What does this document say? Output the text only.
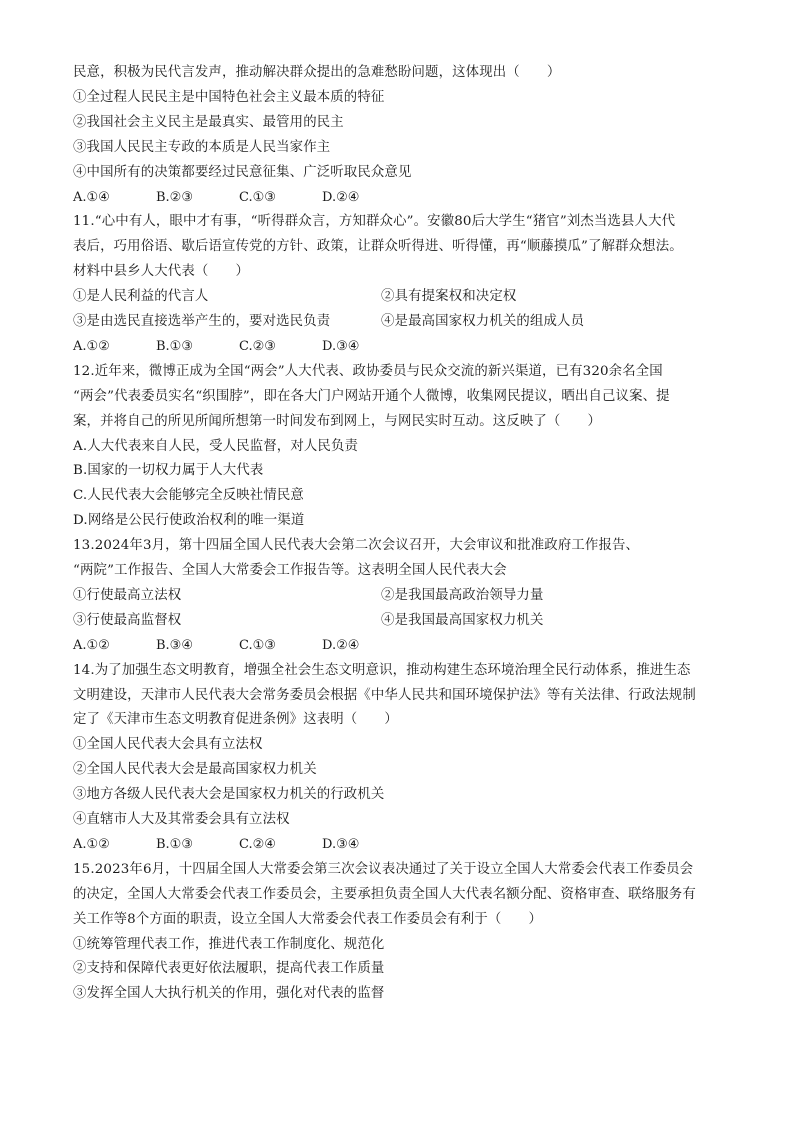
民意，积极为民代言发声，推动解决群众提出的急难愁盼问题，这体现出（　　）
①全过程人民民主是中国特色社会主义最本质的特征
②我国社会主义民主是最真实、最管用的民主
③我国人民民主专政的本质是人民当家作主
④中国所有的决策都要经过民意征集、广泛听取民众意见
A.①④	B.②③	C.①③	D.②④
11.“心中有人，眼中才有事，“听得群众言，方知群众心”。安徽80后大学生“猪官”刘杰当选县人大代
表后，巧用俗语、歇后语宣传党的方针、政策，让群众听得进、听得懂，再“顺藤摸瓜”了解群众想法。
材料中县乡人大代表（　　）
①是人民利益的代言人	②具有提案权和决定权
③是由选民直接选举产生的，要对选民负责	④是最高国家权力机关的组成人员
A.①②	B.①③	C.②③	D.③④
12.近年来，微博正成为全国“两会”人大代表、政协委员与民众交流的新兴渠道，已有320余名全国
“两会”代表委员实名“织围脖”，即在各大门户网站开通个人微博，收集网民提议，晒出自己议案、提
案，并将自己的所见所闻所想第一时间发布到网上，与网民实时互动。这反映了（　　）
A.人大代表来自人民，受人民监督，对人民负责
B.国家的一切权力属于人大代表
C.人民代表大会能够完全反映社情民意
D.网络是公民行使政治权利的唯一渠道
13.2024年3月，第十四届全国人民代表大会第二次会议召开，大会审议和批准政府工作报告、
“两院”工作报告、全国人大常委会工作报告等。这表明全国人民代表大会
①行使最高立法权	②是我国最高政治领导力量
③行使最高监督权	④是我国最高国家权力机关
A.①②	B.③④	C.①③	D.②④
14.为了加强生态文明教育，增强全社会生态文明意识，推动构建生态环境治理全民行动体系，推进生态
文明建设，天津市人民代表大会常务委员会根据《中华人民共和国环境保护法》等有关法律、行政法规制
定了《天津市生态文明教育促进条例》这表明（　　）
①全国人民代表大会具有立法权
②全国人民代表大会是最高国家权力机关
③地方各级人民代表大会是国家权力机关的行政机关
④直辖市人大及其常委会具有立法权
A.①②	B.①③	C.②④	D.③④
15.2023年6月，十四届全国人大常委会第三次会议表决通过了关于设立全国人大常委会代表工作委员会
的决定，全国人大常委会代表工作委员会，主要承担负责全国人大代表名额分配、资格审查、联络服务有
关工作等8个方面的职责，设立全国人大常委会代表工作委员会有利于（　　）
①统筹管理代表工作，推进代表工作制度化、规范化
②支持和保障代表更好依法履职，提高代表工作质量
③发挥全国人大执行机关的作用，强化对代表的监督
